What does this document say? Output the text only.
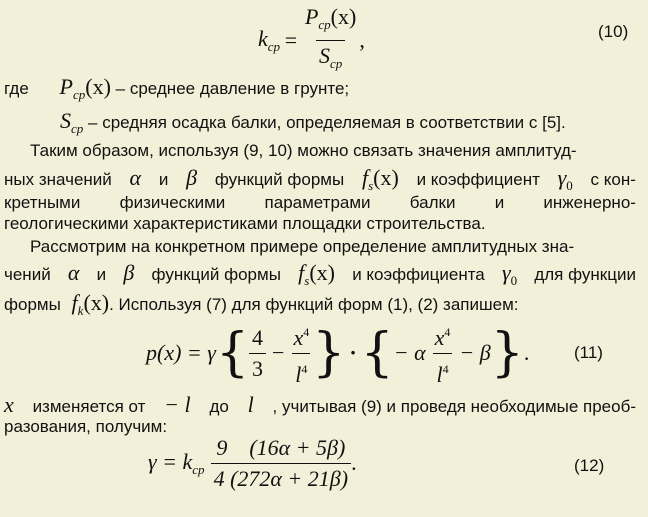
$k_{cp} = \frac{P_{cp}(x)}{S_{cp}}$ ,	(10)
где $P_{cp}(x)$ – среднее давление в грунте;
$S_{cp}$ – средняя осадка балки, определяемая в соответствии с [5].
Таким образом, используя (9, 10) можно связать значения амплитуд-
ных значений α и β функций формы $f_s(x)$ и коэффициент $\gamma_0$ с кон-
кретными физическими параметрами балки и инженерно-
геологическими характеристиками площадки строительства.
Рассмотрим на конкретном примере определение амплитудных зна-
чений α и β функций формы $f_s(x)$ и коэффициента $\gamma_0$ для функции
формы $f_k(x)$. Используя (7) для функций форм (1), (2) запишем:
p(x) = γ { $\frac{4}{3} - \frac{x^4}{l^4}$ } · { − α $\frac{x^4}{l^4} - \beta$ } .	(11)
x изменяется от − l до l , учитывая (9) и проведя необходимые преоб-
разования, получим:
$\gamma = k_{cp} \frac{9 (16\alpha + 5\beta)}{4 (272\alpha + 21\beta)}$ .	(12)
